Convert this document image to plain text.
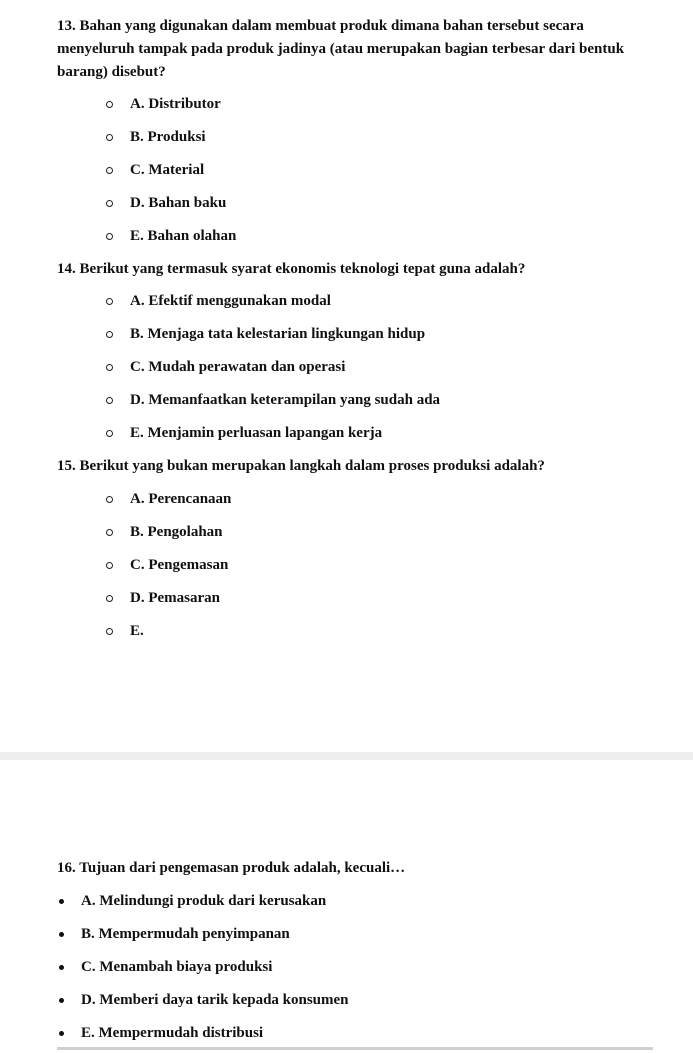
13. Bahan yang digunakan dalam membuat produk dimana bahan tersebut secara menyeluruh tampak pada produk jadinya (atau merupakan bagian terbesar dari bentuk barang) disebut?
A. Distributor
B. Produksi
C. Material
D. Bahan baku
E. Bahan olahan
14. Berikut yang termasuk syarat ekonomis teknologi tepat guna adalah?
A. Efektif menggunakan modal
B. Menjaga tata kelestarian lingkungan hidup
C. Mudah perawatan dan operasi
D. Memanfaatkan keterampilan yang sudah ada
E. Menjamin perluasan lapangan kerja
15. Berikut yang bukan merupakan langkah dalam proses produksi adalah?
A. Perencanaan
B. Pengolahan
C. Pengemasan
D. Pemasaran
E.
16. Tujuan dari pengemasan produk adalah, kecuali…
A. Melindungi produk dari kerusakan
B. Mempermudah penyimpanan
C. Menambah biaya produksi
D. Memberi daya tarik kepada konsumen
E. Mempermudah distribusi
